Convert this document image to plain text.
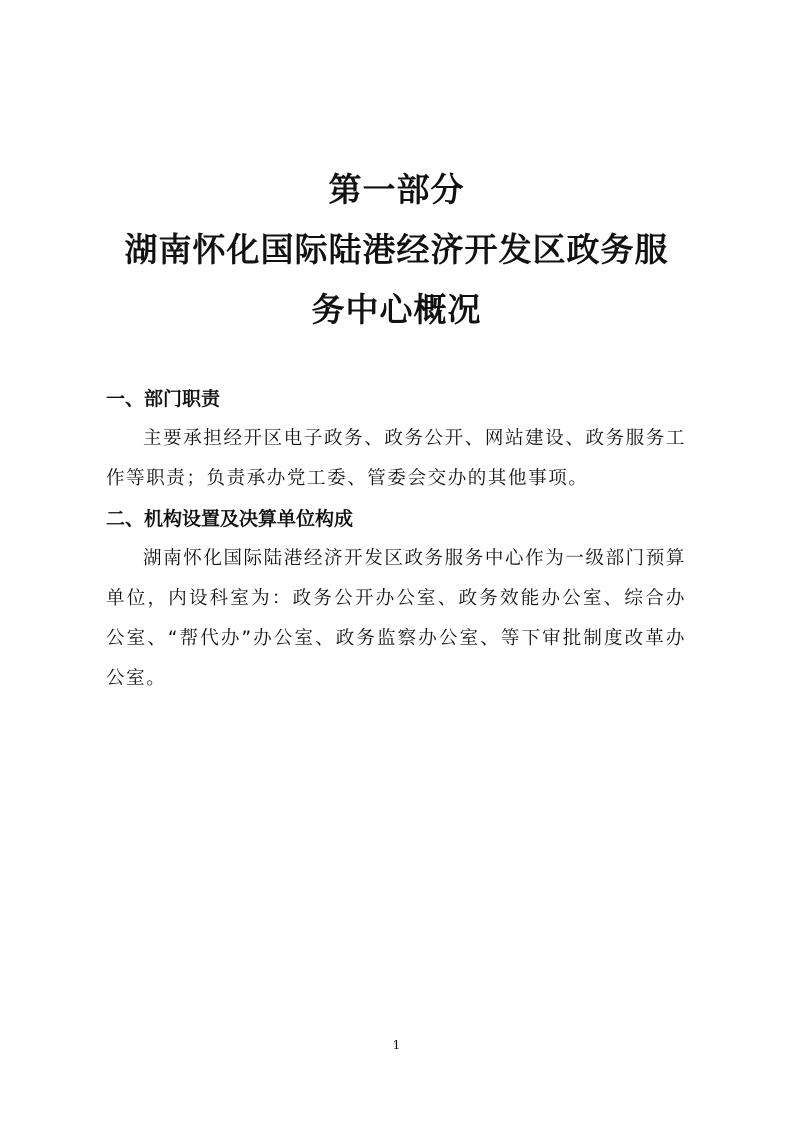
第一部分
湖南怀化国际陆港经济开发区政务服
务中心概况

一、部门职责

主要承担经开区电子政务、政务公开、网站建设、政务服务工作等职责；负责承办党工委、管委会交办的其他事项。

二、机构设置及决算单位构成

湖南怀化国际陆港经济开发区政务服务中心作为一级部门预算单位，内设科室为：政务公开办公室、政务效能办公室、综合办公室、“帮代办”办公室、政务监察办公室、等下审批制度改革办公室。

1
